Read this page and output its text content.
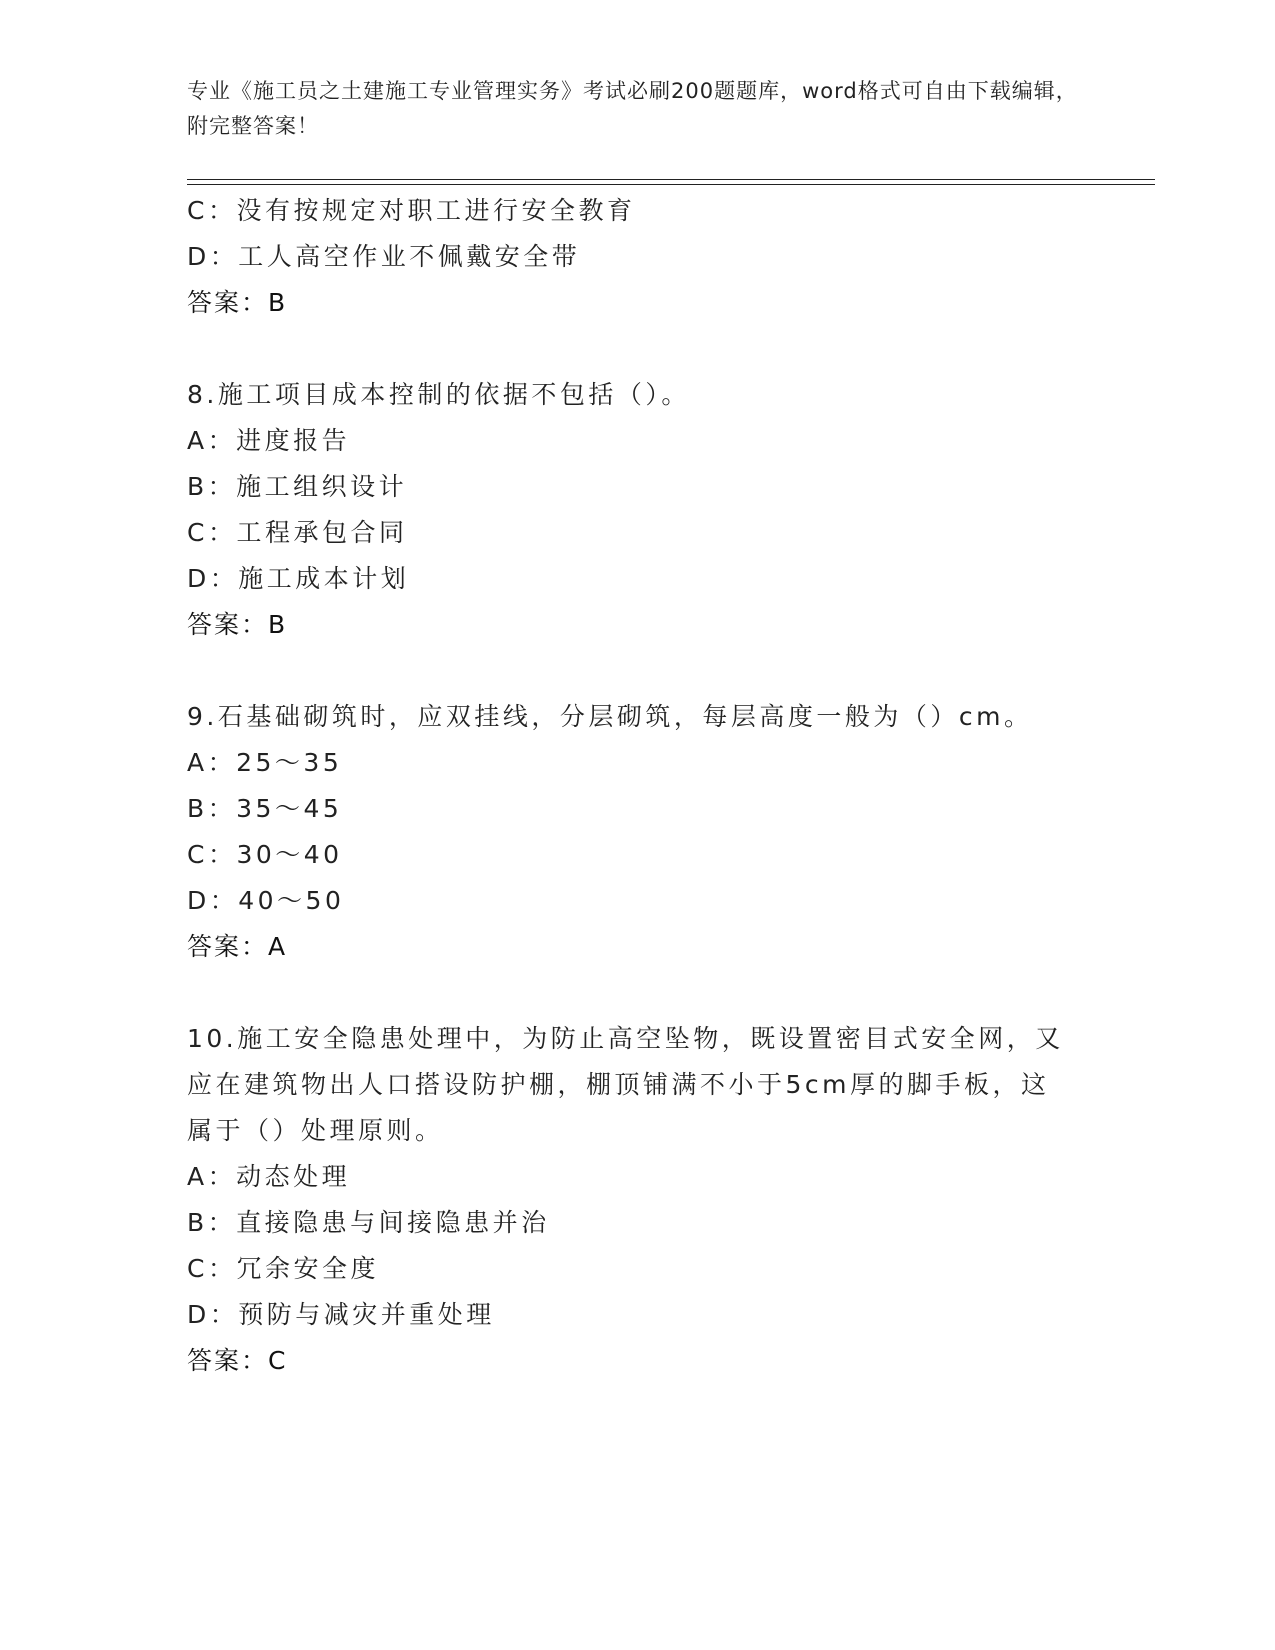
专业《施工员之土建施工专业管理实务》考试必刷200题题库，word格式可自由下载编辑，附完整答案！
C：没有按规定对职工进行安全教育
D：工人高空作业不佩戴安全带
答案：B
8.施工项目成本控制的依据不包括（）。
A：进度报告
B：施工组织设计
C：工程承包合同
D：施工成本计划
答案：B
9.石基础砌筑时，应双挂线，分层砌筑，每层高度一般为（）cm。
A：25～35
B：35～45
C：30～40
D：40～50
答案：A
10.施工安全隐患处理中，为防止高空坠物，既设置密目式安全网，又
应在建筑物出人口搭设防护棚，棚顶铺满不小于5cm厚的脚手板，这
属于（）处理原则。
A：动态处理
B：直接隐患与间接隐患并治
C：冗余安全度
D：预防与减灾并重处理
答案：C
